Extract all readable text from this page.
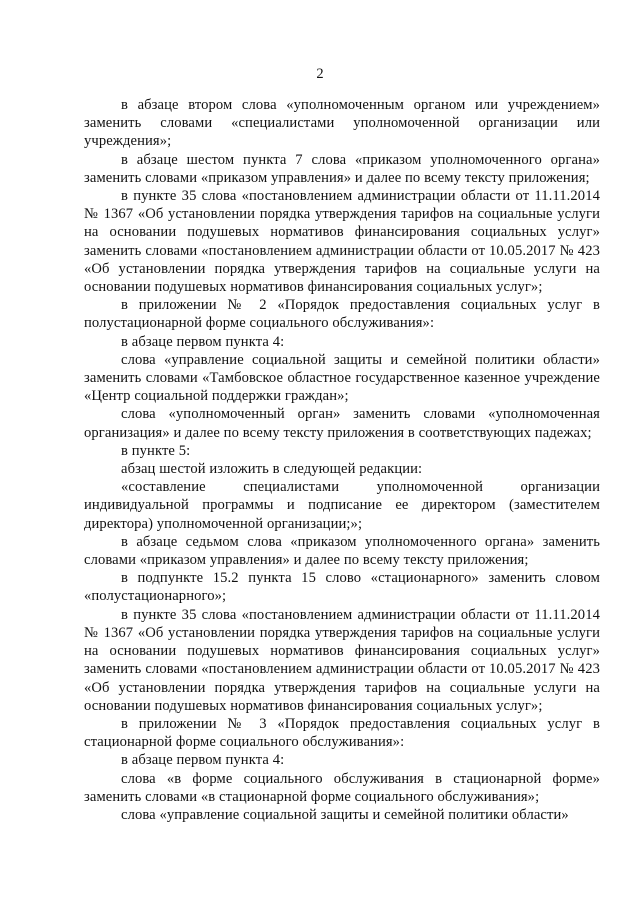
2

в абзаце втором слова «уполномоченным органом или учреждением» заменить словами «специалистами уполномоченной организации или учреждения»;

в абзаце шестом пункта 7 слова «приказом уполномоченного органа» заменить словами «приказом управления» и далее по всему тексту приложения;

в пункте 35 слова «постановлением администрации области от 11.11.2014 № 1367 «Об установлении порядка утверждения тарифов на социальные услуги на основании подушевых нормативов финансирования социальных услуг» заменить словами «постановлением администрации области от 10.05.2017 № 423 «Об установлении порядка утверждения тарифов на социальные услуги на основании подушевых нормативов финансирования социальных услуг»;

в приложении № 2 «Порядок предоставления социальных услуг в полустационарной форме социального обслуживания»:

в абзаце первом пункта 4:

слова «управление социальной защиты и семейной политики области» заменить словами «Тамбовское областное государственное казенное учреждение «Центр социальной поддержки граждан»;

слова «уполномоченный орган» заменить словами «уполномоченная организация» и далее по всему тексту приложения в соответствующих падежах;

в пункте 5:

абзац шестой изложить в следующей редакции:

«составление специалистами уполномоченной организации индивидуальной программы и подписание ее директором (заместителем директора) уполномоченной организации;»;

в абзаце седьмом слова «приказом уполномоченного органа» заменить словами «приказом управления» и далее по всему тексту приложения;

в подпункте 15.2 пункта 15 слово «стационарного» заменить словом «полустационарного»;

в пункте 35 слова «постановлением администрации области от 11.11.2014 № 1367 «Об установлении порядка утверждения тарифов на социальные услуги на основании подушевых нормативов финансирования социальных услуг» заменить словами «постановлением администрации области от 10.05.2017 № 423 «Об установлении порядка утверждения тарифов на социальные услуги на основании подушевых нормативов финансирования социальных услуг»;

в приложении № 3 «Порядок предоставления социальных услуг в стационарной форме социального обслуживания»:

в абзаце первом пункта 4:

слова «в форме социального обслуживания в стационарной форме» заменить словами «в стационарной форме социального обслуживания»;

слова «управление социальной защиты и семейной политики области»
